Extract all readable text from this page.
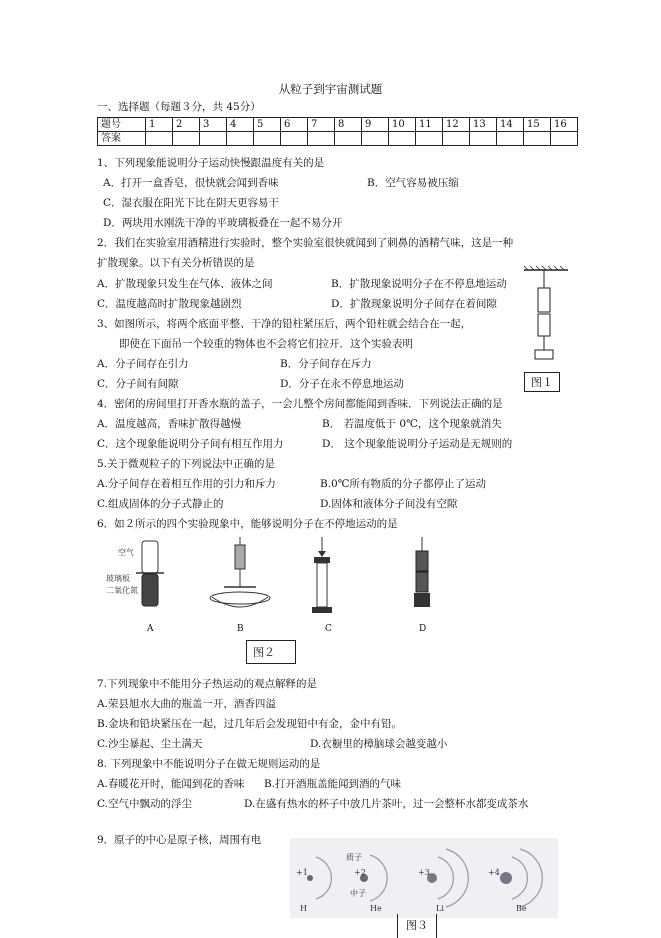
从粒子到宇宙测试题
一、选择题（每题３分，共 45分）
题号	1	2	3	4	5	6	7	8	9	10	11	12	13	14	15	16
答案																
1、下列现象能说明分子运动快慢跟温度有关的是
A．打开一盒香皂，很快就会闻到香味	B．空气容易被压缩
C．湿衣服在阳光下比在阴天更容易干
D．两块用水刚洗干净的平玻璃板叠在一起不易分开
2．我们在实验室用酒精进行实验时，整个实验室很快就闻到了刺鼻的酒精气味，这是一种
扩散现象。以下有关分析错误的是
A．扩散现象只发生在气体、液体之间	B．扩散现象说明分子在不停息地运动
C．温度越高时扩散现象越剧烈	D．扩散现象说明分子间存在着间隙
3、如图所示，将两个底面平整、干净的铅柱紧压后，两个铅柱就会结合在一起，
即使在下面吊一个较重的物体也不会将它们拉开．这个实验表明
A．分子间存在引力	B．分子间存在斥力
C．分子间有间隙	D．分子在永不停息地运动	图１
4．密闭的房间里打开香水瓶的盖子，一会儿整个房间都能闻到香味．下列说法正确的是
A．温度越高，香味扩散得越慢	B． 若温度低于 0℃，这个现象就消失
C．这个现象能说明分子间有相互作用力	D． 这个现象能说明分子运动是无规则的
5.关于微观粒子的下列说法中正确的是
A.分子间存在着相互作用的引力和斥力	B.0℃所有物质的分子都停止了运动
C.组成固体的分子式静止的	D.固体和液体分子间没有空隙
6．如２所示的四个实验现象中，能够说明分子在不停地运动的是
空气
玻璃板
二氧化氮
A	B	C	D
图２
7.下列现象中不能用分子热运动的观点解释的是
A.荣县旭水大曲的瓶盖一开，酒香四溢
B.金块和铅块紧压在一起，过几年后会发现铅中有金，金中有铅。
C.沙尘暴起、尘土满天	D.衣橱里的樟脑球会越变越小
8. 下列现象中不能说明分子在做无规则运动的是
A.春暖花开时，能闻到花的香味 B.打开酒瓶盖能闻到酒的气味
C.空气中飘动的浮尘	D.在盛有热水的杯子中放几片茶叶，过一会整杯水都变成茶水
9．原子的中心是原子核，周围有电
+1	+2	+3	+4
质子
中子
H	He	Li	Be
图３
